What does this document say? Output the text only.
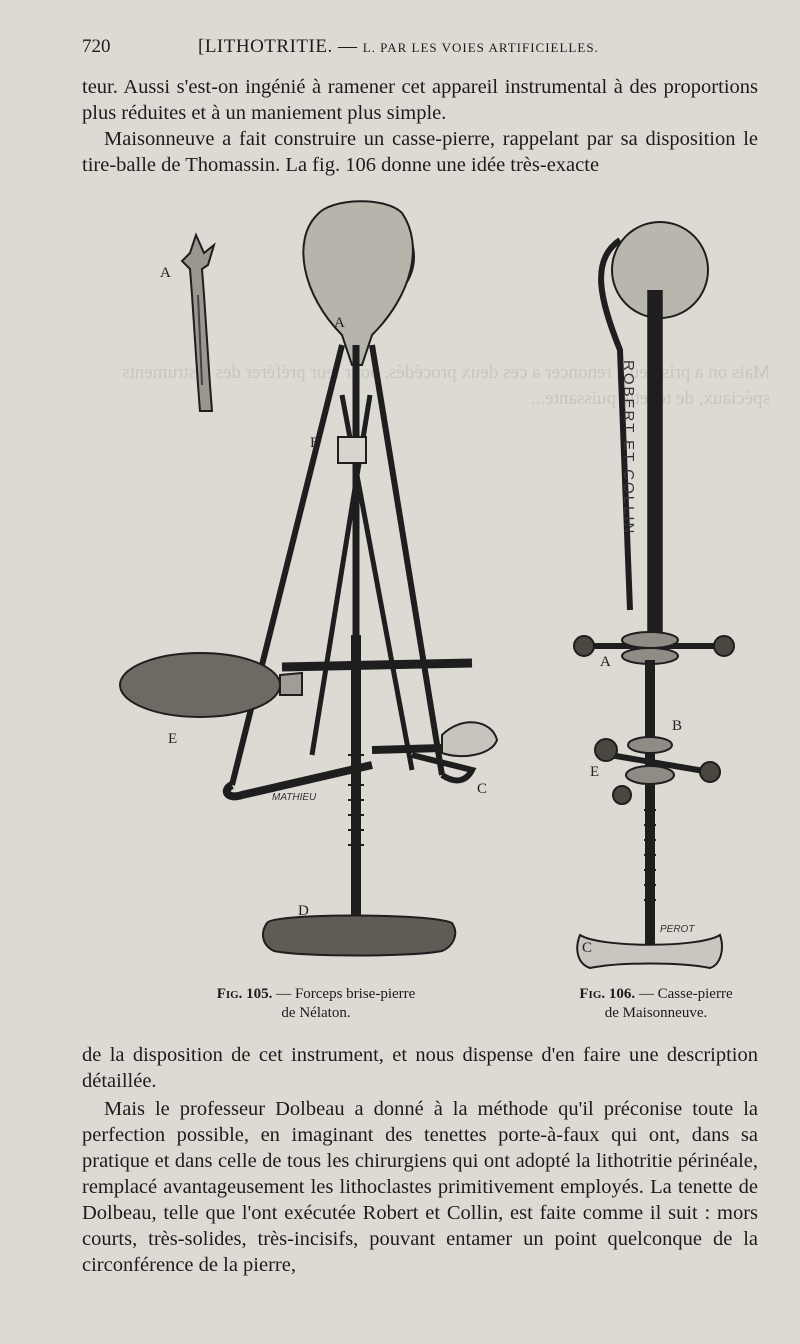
Mais on a pris peu à renoncer a ces deux procédés, pour leur préférer des instruments spéciaux, de tenette puissante...
720	[LITHOTRITIE. — L. PAR LES VOIES ARTIFICIELLES.

teur. Aussi s'est-on ingénié à ramener cet appareil instrumental à des proportions plus réduites et à un maniement plus simple.

Maisonneuve a fait construire un casse-pierre, rappelant par sa disposition le tire-balle de Thomassin. La fig. 106 donne une idée très-exacte

A
A
B
C
D
E
MATHIEU
Fig. 105. — Forceps brise-pierre
de Nélaton.
ROBERT ET COLLIN
A
B
E
C
PEROT
Fig. 106. — Casse-pierre
de Maisonneuve.

de la disposition de cet instrument, et nous dispense d'en faire une description détaillée.

Mais le professeur Dolbeau a donné à la méthode qu'il préconise toute la perfection possible, en imaginant des tenettes porte-à-faux qui ont, dans sa pratique et dans celle de tous les chirurgiens qui ont adopté la lithotritie périnéale, remplacé avantageusement les lithoclastes primitivement employés. La tenette de Dolbeau, telle que l'ont exécutée Robert et Collin, est faite comme il suit : mors courts, très-solides, très-incisifs, pouvant entamer un point quelconque de la circonférence de la pierre,
